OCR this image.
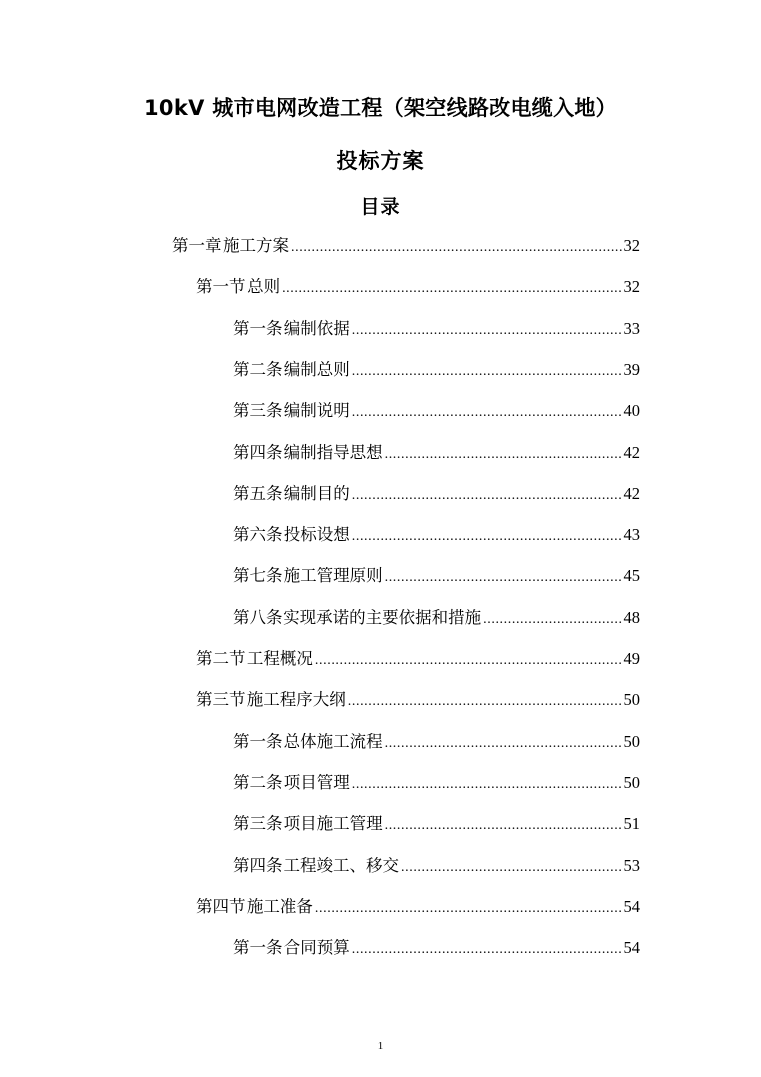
10kV 城市电网改造工程（架空线路改电缆入地）
投标方案
目录
第一章 施工方案 .....	32
第一节 总则 .....	32
第一条 编制依据 .....	33
第二条 编制总则 .....	39
第三条 编制说明 .....	40
第四条 编制指导思想 .....	42
第五条 编制目的 .....	42
第六条 投标设想 .....	43
第七条 施工管理原则 .....	45
第八条 实现承诺的主要依据和措施 .....	48
第二节 工程概况 .....	49
第三节 施工程序大纲 .....	50
第一条 总体施工流程 .....	50
第二条 项目管理 .....	50
第三条 项目施工管理 .....	51
第四条 工程竣工、移交 .....	53
第四节 施工准备 .....	54
第一条 合同预算 .....	54
1
